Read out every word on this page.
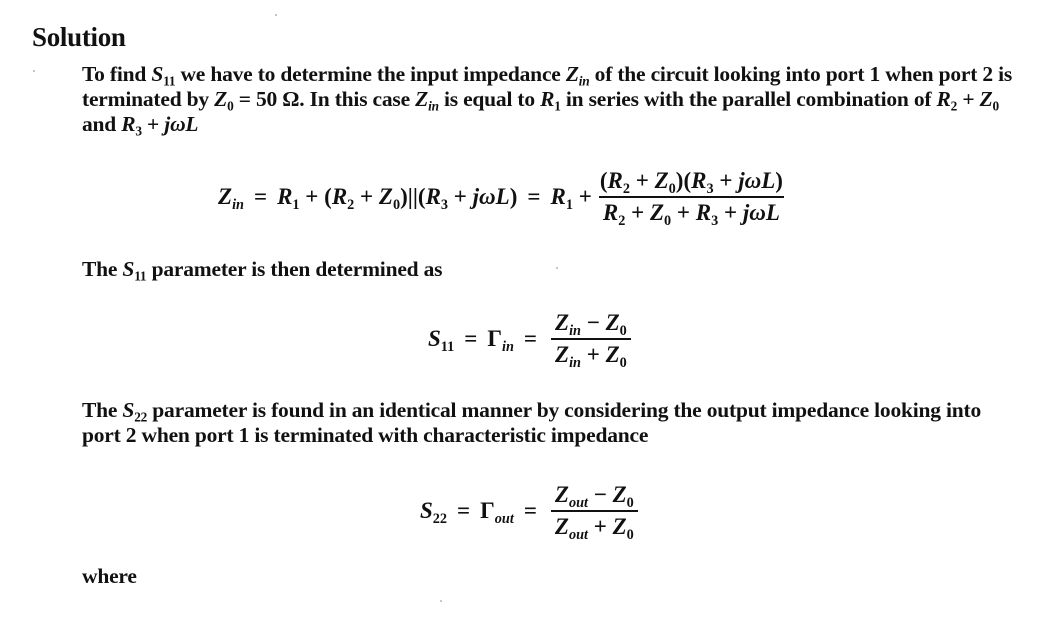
Solution
To find $S_{11}$ we have to determine the input impedance $Z_{in}$ of the circuit looking into port 1 when port 2 is terminated by $Z_0 = 50$ Ω. In this case $Z_{in}$ is equal to $R_1$ in series with the parallel combination of $R_2 + Z_0$ and $R_3 + j\omega L$
$Z_{in} = R_1 + (R_2 + Z_0)||(R_3 + j\omega L) = R_1 + \frac{(R_2 + Z_0)(R_3 + j\omega L)}{R_2 + Z_0 + R_3 + j\omega L}$
The $S_{11}$ parameter is then determined as
$S_{11} = \Gamma_{in} = \frac{Z_{in} - Z_0}{Z_{in} + Z_0}$
The $S_{22}$ parameter is found in an identical manner by considering the output impedance looking into port 2 when port 1 is terminated with characteristic impedance
$S_{22} = \Gamma_{out} = \frac{Z_{out} - Z_0}{Z_{out} + Z_0}$
where
